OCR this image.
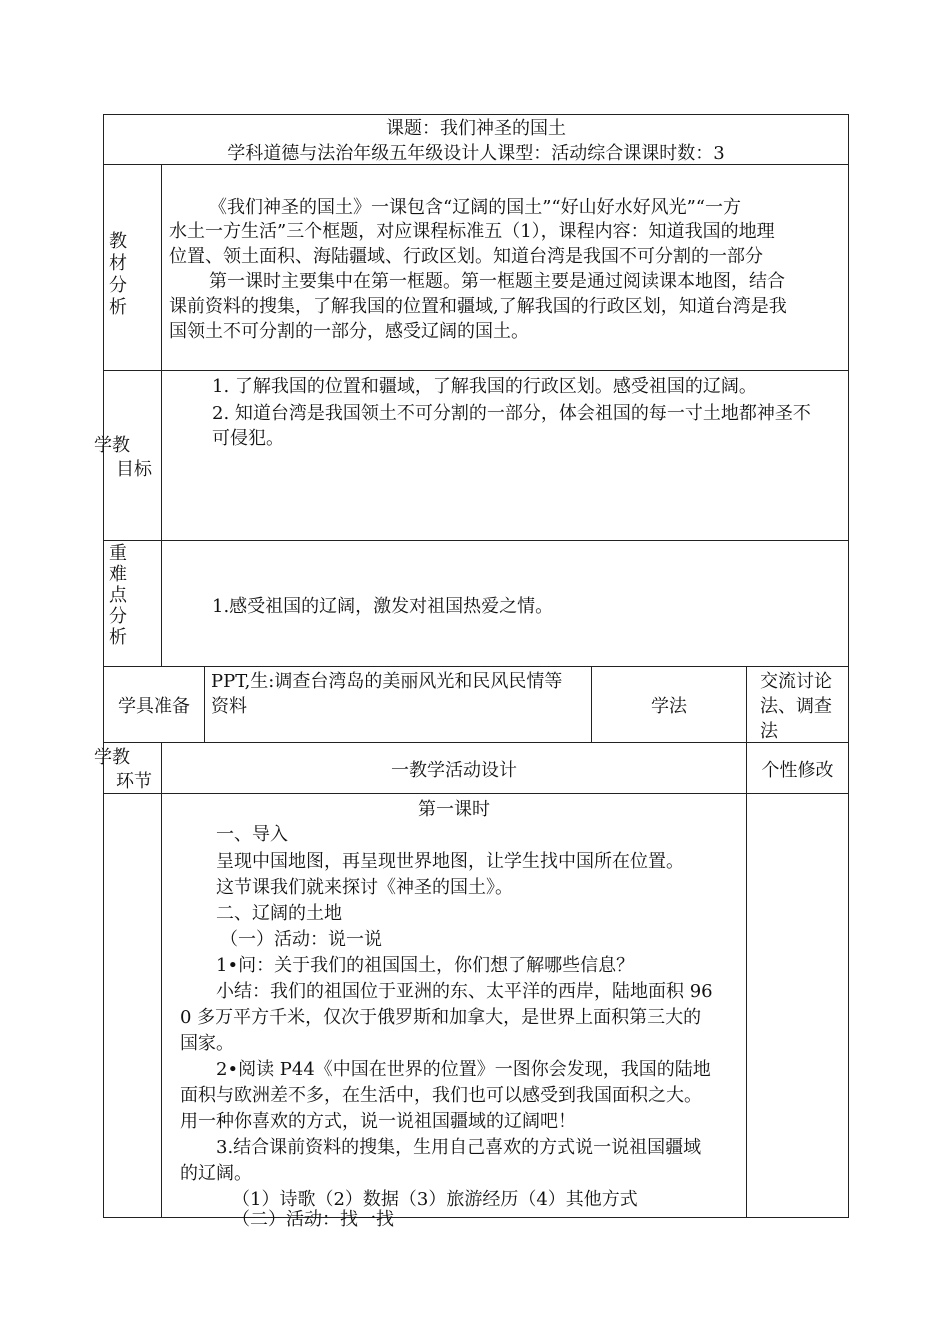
课题：我们神圣的国土
学科道德与法治年级五年级设计人课型：活动综合课课时数：3
教
材
分
析
《我们神圣的国土》一课包含“辽阔的国土”“好山好水好风光”“一方
水土一方生活”三个框题，对应课程标准五（1），课程内容：知道我国的地理
位置、领土面积、海陆疆域、行政区划。知道台湾是我国不可分割的一部分
第一课时主要集中在第一框题。第一框题主要是通过阅读课本地图，结合
课前资料的搜集，了解我国的位置和疆域,了解我国的行政区划，知道台湾是我
国领土不可分割的一部分，感受辽阔的国土。
学教
目标
1. 了解我国的位置和疆域，了解我国的行政区划。感受祖国的辽阔。
2. 知道台湾是我国领土不可分割的一部分，体会祖国的每一寸土地都神圣不
可侵犯。
重
难
点
分
析
1.感受祖国的辽阔，激发对祖国热爱之情。
学具准备
PPT,生:调查台湾岛的美丽风光和民风民情等
资料	学法
交流讨论
法、调查
法
学教
环节
一教学活动设计	个性修改
第一课时
一、导入
呈现中国地图，再呈现世界地图，让学生找中国所在位置。
这节课我们就来探讨《神圣的国土》。
二、辽阔的土地
（一）活动：说一说
1•问：关于我们的祖国国土，你们想了解哪些信息？
小结：我们的祖国位于亚洲的东、太平洋的西岸，陆地面积 96
0 多万平方千米，仅次于俄罗斯和加拿大，是世界上面积第三大的
国家。
2•阅读 P44《中国在世界的位置》一图你会发现，我国的陆地
面积与欧洲差不多，在生活中，我们也可以感受到我国面积之大。
用一种你喜欢的方式，说一说祖国疆域的辽阔吧！
3.结合课前资料的搜集，生用自己喜欢的方式说一说祖国疆域
的辽阔。
（1）诗歌（2）数据（3）旅游经历（4）其他方式
（二）活动：找一找
